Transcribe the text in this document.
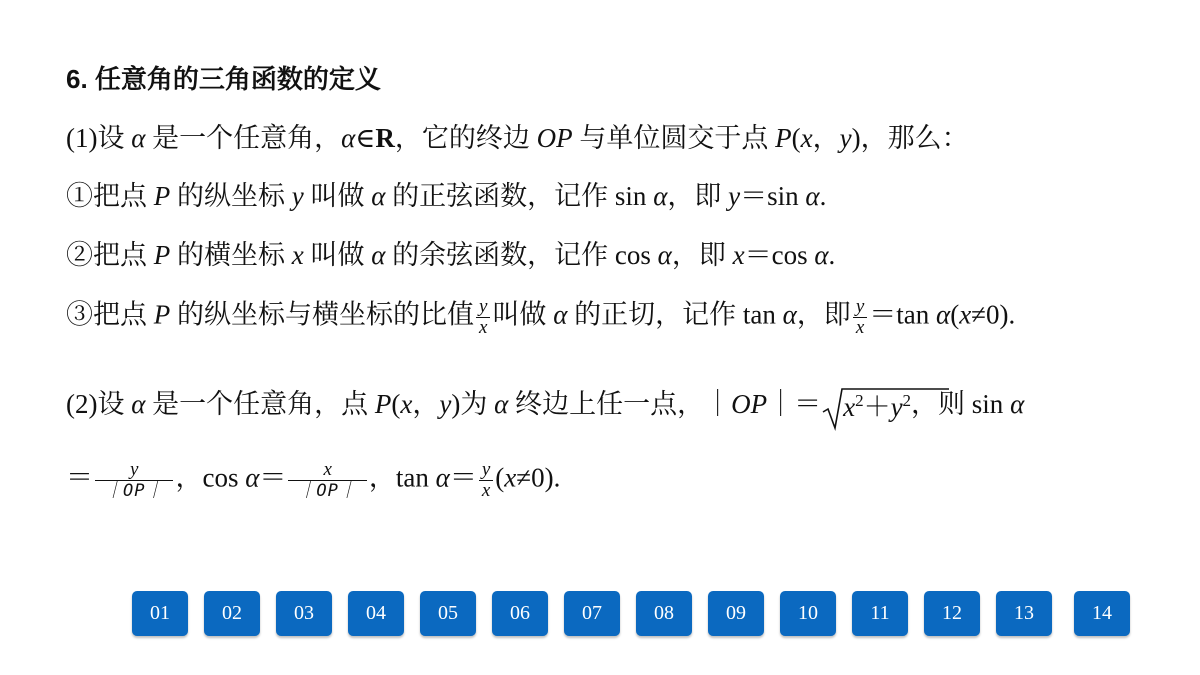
6. 任意角的三角函数的定义
(1)设 α 是一个任意角，α∈R，它的终边 OP 与单位圆交于点 P(x，y)，那么：
①把点 P 的纵坐标 y 叫做 α 的正弦函数，记作 sin α，即 y＝sin α.
②把点 P 的横坐标 x 叫做 α 的余弦函数，记作 cos α，即 x＝cos α.
③把点 P 的纵坐标与横坐标的比值 $\frac{y}{x}$ 叫做 α 的正切，记作 tan α，即 $\frac{y}{x} =\tan$ α(x≠0).
(2)设 α 是一个任意角，点 P(x，y)为 α 终边上任一点，｜OP｜＝ $x^2+y^2$，则 sin α
＝ $\frac{y}{|OP|}$ ，$\cos \alpha= \frac{x}{|OP|}$ ，$\tan \alpha= \frac{y}{x} (x\ne 0)$.
01	02	03	04	05	06	07	08	09	10	11	12	13	14
